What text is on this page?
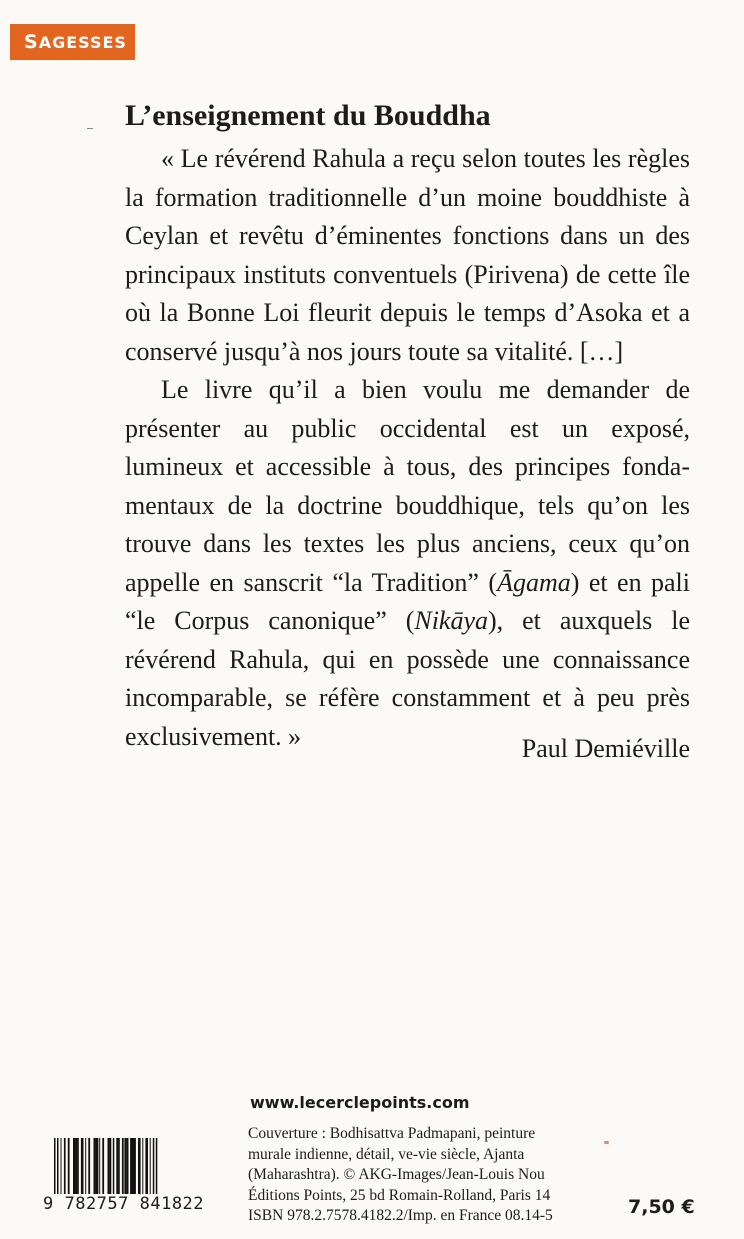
SAGESSES
L’enseignement du Bouddha

« Le révérend Rahula a reçu selon toutes les règles la formation traditionnelle d’un moine bouddhiste à Ceylan et revêtu d’éminentes fonctions dans un des principaux instituts conventuels (Pirivena) de cette île où la Bonne Loi fleurit depuis le temps d’Asoka et a conservé jusqu’à nos jours toute sa vitalité. […]

Le livre qu’il a bien voulu me demander de présenter au public occidental est un exposé, lumineux et accessible à tous, des principes fondamentaux de la doctrine bouddhique, tels qu’on les trouve dans les textes les plus anciens, ceux qu’on appelle en sanscrit “la Tradition” (Āgama) et en pali “le Corpus canonique” (Nikāya), et auxquels le révérend Rahula, qui en possède une connaissance incomparable, se réfère constamment et à peu près exclusivement. »	Paul Demiéville
www.lecerclepoints.com
Couverture : Bodhisattva Padmapani, peinture
murale indienne, détail, ve-vie siècle, Ajanta
(Maharashtra). © AKG-Images/Jean-Louis Nou
Éditions Points, 25 bd Romain-Rolland, Paris 14
ISBN 978.2.7578.4182.2/Imp. en France 08.14-5
9 782757 841822	7,50 €
